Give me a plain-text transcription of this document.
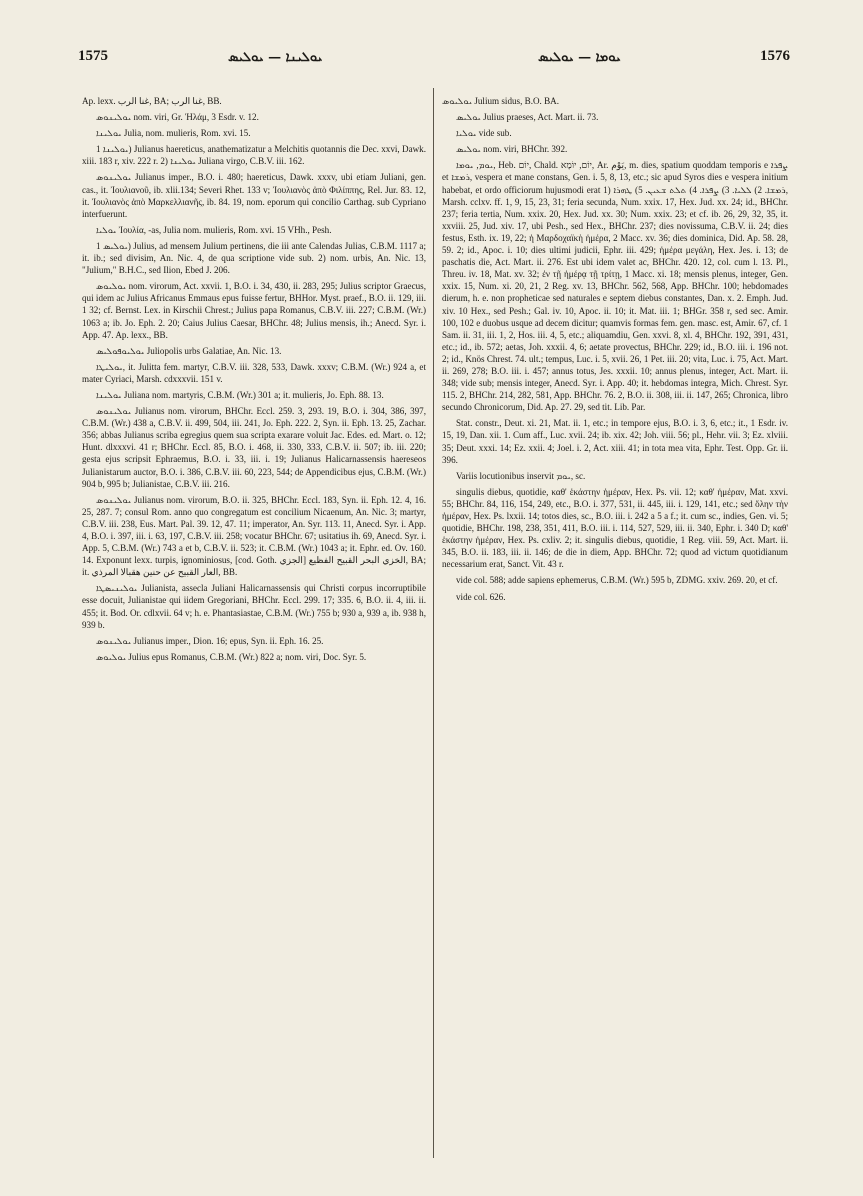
1575	ܝܘܠܝܢܐ — ܝܘܠܝܣ	ܝܘܡܐ — ܝܘܠܝܣ	1576

Ap. lexx. غنا الرب, BA; غنا الرب, BB.

ܝܘܠܝܢܘܣ nom. viri, Gr. Ἠλάμ, 3 Esdr. v. 12.

ܝܘܠܝܢܐ Julia, nom. mulieris, Rom. xvi. 15.

ܝܘܠܝܢܐ 1) Julianus haereticus, anathematizatur a Melchitis quotannis die Dec. xxvi, Dawk. xiii. 183 r, xiv. 222 r. 2) ܝܘܠܝܢܐ Juliana virgo, C.B.V. iii. 162.

ܝܘܠܝܢܘܣ Julianus imper., B.O. i. 480; haereticus, Dawk. xxxv, ubi etiam Juliani, gen. cas., it. Ἰουλιανοῦ, ib. xlii.134; Severi Rhet. 133 v; Ἰουλιανὸς ἀπὸ Φιλίππης, Rel. Jur. 83. 12, it. Ἰουλιανὸς ἀπὸ Μαρκελλιανῆς, ib. 84. 19, nom. eporum qui concilio Carthag. sub Cypriano interfuerunt.

ܝܘܠܝܐ Ἰουλία, -as, Julia nom. mulieris, Rom. xvi. 15 VHh., Pesh.

ܝܘܠܝܣ 1) Julius, ad mensem Julium pertinens, die iii ante Calendas Julias, C.B.M. 1117 a; it. ib.; sed divisim, An. Nic. 4, de qua scriptione vide sub. 2) nom. urbis, An. Nic. 13, "Julium," B.H.C., sed Ilion, Ebed J. 206.

ܝܘܠܝܘܣ nom. virorum, Act. xxvii. 1, B.O. i. 34, 430, ii. 283, 295; Julius scriptor Graecus, qui idem ac Julius Africanus Emmaus epus fuisse fertur, BHHor. Myst. praef., B.O. ii. 129, iii. 1 32; cf. Bernst. Lex. in Kirschii Chrest.; Julius papa Romanus, C.B.V. iii. 227; C.B.M. (Wr.) 1063 a; ib. Jo. Eph. 2. 20; Caius Julius Caesar, BHChr. 48; Julius mensis, ih.; Anecd. Syr. i. App. 47. Ap. lexx., BB.

ܝܘܠܝܘܦܘܠܝܣ Juliopolis urbs Galatiae, An. Nic. 13.

ܝܘܠܝܛܐ, it. Julitta fem. martyr, C.B.V. iii. 328, 533, Dawk. xxxv; C.B.M. (Wr.) 924 a, et mater Cyriaci, Marsh. cdxxxvii. 151 v.

ܝܘܠܝܢܐ Juliana nom. martyris, C.B.M. (Wr.) 301 a; it. mulieris, Jo. Eph. 88. 13.

ܝܘܠܝܢܘܣ Julianus nom. virorum, BHChr. Eccl. 259. 3, 293. 19, B.O. i. 304, 386, 397, C.B.M. (Wr.) 438 a, C.B.V. ii. 499, 504, iii. 241, Jo. Eph. 222. 2, Syn. ii. Eph. 13. 25, Zachar. 356; abbas Julianus scriba egregius quem sua scripta exarare voluit Jac. Edes. ed. Mart. o. 12; Hunt. dlxxxvi. 41 r; BHChr. Eccl. 85, B.O. i. 468, ii. 330, 333, C.B.V. ii. 507; ib. iii. 220; gesta ejus scripsit Ephraemus, B.O. i. 33, iii. i. 19; Julianus Halicarnassensis haereseos Julianistarum auctor, B.O. i. 386, C.B.V. iii. 60, 223, 544; de Appendicibus ejus, C.B.M. (Wr.) 904 b, 995 b; Julianistae, C.B.V. iii. 216.

ܝܘܠܝܢܘܣ Julianus nom. virorum, B.O. ii. 325, BHChr. Eccl. 183, Syn. ii. Eph. 12. 4, 16. 25, 287. 7; consul Rom. anno quo congregatum est concilium Nicaenum, An. Nic. 3; martyr, C.B.V. iii. 238, Eus. Mart. Pal. 39. 12, 47. 11; imperator, An. Syr. 113. 11, Anecd. Syr. i. App. 4, B.O. i. 397, iii. i. 63, 197, C.B.V. iii. 258; vocatur BHChr. 67; usitatius ih. 69, Anecd. Syr. i. App. 5, C.B.M. (Wr.) 743 a et b, C.B.V. ii. 523; it. C.B.M. (Wr.) 1043 a; it. Ephr. ed. Ov. 160. 14. Exponunt lexx. turpis, ignominiosus, [cod. Goth. الجزي] الخزي البحر القبيح الفظيع, BA; it. العار القبيح عن حنين هقبالا المرذي, BB.

ܝܘܠܝܢܝܣܛܐ Julianista, assecla Juliani Halicarnassensis qui Christi corpus incorruptibile esse docuit, Julianistae qui iidem Gregoriani, BHChr. Eccl. 299. 17; 335. 6, B.O. ii. 4, iii. ii. 455; it. Bod. Or. cdlxvii. 64 v; h. e. Phantasiastae, C.B.M. (Wr.) 755 b; 930 a, 939 a, ib. 938 h, 939 b.

ܝܘܠܝܢܘܣ Julianus imper., Dion. 16; epus, Syn. ii. Eph. 16. 25.

ܝܘܠܝܘܣ Julius epus Romanus, C.B.M. (Wr.) 822 a; nom. viri, Doc. Syr. 5.

ܝܘܠܝܘܣ Julium sidus, B.O. BA.

ܝܘܠܝܣ Julius praeses, Act. Mart. ii. 73.

ܝܘܠܝܐ vide sub.

ܝܘܠܝܣ nom. viri, BHChr. 392.

ܝܘܡ, ܝܘܡܐ, Heb. יוֹם, Chald. יוֹם, יוֹמָא, Ar. يَوْم, m. dies, spatium quoddam temporis e ܨܦܪܐ et ܪܡܫܐ, vespera et mane constans, Gen. i. 5, 8, 13, etc.; sic apud Syros dies e vespera initium habebat, et ordo officiorum hujusmodi erat 1) ܪܡܫܐ. 2) ܠܠܝܐ. 3) ܨܦܪܐ. 4) ܬܠܬ ܫܥܝܢ. 5) ܛܗܪܐ, Marsh. cclxv. ff. 1, 9, 15, 23, 31; feria secunda, Num. xxix. 17, Hex. Jud. xx. 24; id., BHChr. 237; feria tertia, Num. xxix. 20, Hex. Jud. xx. 30; Num. xxix. 23; et cf. ib. 26, 29, 32, 35, it. xxviii. 25, Jud. xiv. 17, ubi Pesh., sed Hex., BHChr. 237; dies novissuma, C.B.V. ii. 24; dies festus, Esth. ix. 19, 22; ἡ Μαρδοχαϊκὴ ἡμέρα, 2 Macc. xv. 36; dies dominica, Did. Ap. 58. 28, 59. 2; id., Apoc. i. 10; dies ultimi judicii, Ephr. iii. 429; ἡμέρα μεγάλη, Hex. Jes. i. 13; de paschatis die, Act. Mart. ii. 276. Est ubi idem valet ac, BHChr. 420. 12, col. cum l. 13. Pl., Threu. iv. 18, Mat. xv. 32; ἐν τῇ ἡμέρᾳ τῇ τρίτῃ, 1 Macc. xi. 18; mensis plenus, integer, Gen. xxix. 15, Num. xi. 20, 21, 2 Reg. xv. 13, BHChr. 562, 568, App. BHChr. 100; hebdomades dierum, h. e. non propheticae sed naturales e septem diebus constantes, Dan. x. 2. Emph. Jud. xiv. 10 Hex., sed Pesh.; Gal. iv. 10, Apoc. ii. 10; it. Mat. iii. 1; BHGr. 358 r, sed sec. Amir. 100, 102 e duobus usque ad decem dicitur; quamvis formas fem. gen. masc. est, Amir. 67, cf. 1 Sam. ii. 31, iii. 1, 2, Hos. iii. 4, 5, etc.; aliquamdiu, Gen. xxvi. 8, xl. 4, BHChr. 192, 391, 431, etc.; id., ib. 572; aetas, Joh. xxxii. 4, 6; aetate provectus, BHChr. 229; id., B.O. iii. i. 196 not. 2; id., Knös Chrest. 74. ult.; tempus, Luc. i. 5, xvii. 26, 1 Pet. iii. 20; vita, Luc. i. 75, Act. Mart. ii. 269, 278; B.O. iii. i. 457; annus totus, Jes. xxxii. 10; annus plenus, integer, Act. Mart. ii. 348; vide sub; mensis integer, Anecd. Syr. i. App. 40; it. hebdomas integra, Mich. Chrest. Syr. 115. 2, BHChr. 214, 282, 581, App. BHChr. 76. 2, B.O. ii. 308, iii. ii. 147, 265; Chronica, libro secundo Chronicorum, Did. Ap. 27. 29, sed tit. Lib. Par.

Stat. constr., Deut. xi. 21, Mat. ii. 1, etc.; in tempore ejus, B.O. i. 3, 6, etc.; it., 1 Esdr. iv. 15, 19, Dan. xii. 1. Cum aff., Luc. xvii. 24; ib. xix. 42; Joh. viii. 56; pl., Hehr. vii. 3; Ez. xlviii. 35; Deut. xxxi. 14; Ez. xxii. 4; Joel. i. 2, Act. xiii. 41; in tota mea vita, Ephr. Test. Opp. Gr. ii. 396.

Variis locutionibus inservit ܝܘܡ, sc.

singulis diebus, quotidie, καθ' ἑκάστην ἡμέραν, Hex. Ps. vii. 12; καθ' ἡμέραν, Mat. xxvi. 55; BHChr. 84, 116, 154, 249, etc., B.O. i. 377, 531, ii. 445, iii. i. 129, 141, etc.; sed ὅλην τὴν ἡμέραν, Hex. Ps. lxxii. 14; totos dies, sc., B.O. iii. i. 242 a 5 a f.; it. cum sc., indies, Gen. vi. 5; quotidie, BHChr. 198, 238, 351, 411, B.O. iii. i. 114, 527, 529, iii. ii. 340, Ephr. i. 340 D; καθ' ἑκάστην ἡμέραν, Hex. Ps. cxliv. 2; it. singulis diebus, quotidie, 1 Reg. viii. 59, Act. Mart. ii. 345, B.O. ii. 183, iii. ii. 146; de die in diem, App. BHChr. 72; quod ad victum quotidianum necessarium erat, Sanct. Vit. 43 r.

vide col. 588; adde sapiens ephemerus, C.B.M. (Wr.) 595 b, ZDMG. xxiv. 269. 20, et cf.

vide col. 626.
